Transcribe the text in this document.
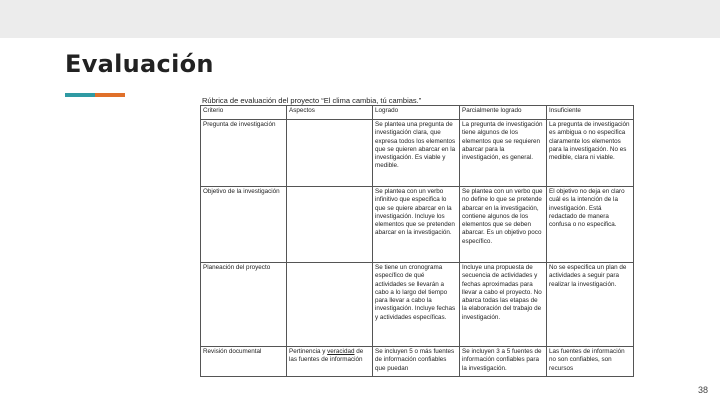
Evaluación
Rúbrica de evaluación del proyecto “El clima cambia, tú cambias.”
Criterio	Aspectos	Logrado	Parcialmente logrado	Insuficiente
Pregunta de investigación		Se plantea una pregunta de investigación clara, que expresa todos los elementos que se quieren abarcar en la investigación. Es viable y medible.	La pregunta de investigación tiene algunos de los elementos que se requieren abarcar para la investigación, es general.	La pregunta de investigación es ambigua o no especifica claramente los elementos para la investigación. No es medible, clara ni viable.
Objetivo de la investigación		Se plantea con un verbo infinitivo que especifica lo que se quiere abarcar en la investigación. Incluye los elementos que se pretenden abarcar en la investigación.	Se plantea con un verbo que no define lo que se pretende abarcar en la investigación, contiene algunos de los elementos que se deben abarcar. Es un objetivo poco específico.	El objetivo no deja en claro cuál es la intención de la investigación. Está redactado de manera confusa o no especifica.
Planeación del proyecto		Se tiene un cronograma específico de qué actividades se llevarán a cabo a lo largo del tiempo para llevar a cabo la investigación. Incluye fechas y actividades específicas.	Incluye una propuesta de secuencia de actividades y fechas aproximadas para llevar a cabo el proyecto. No abarca todas las etapas de la elaboración del trabajo de investigación.	No se especifica un plan de actividades a seguir para realizar la investigación.
Revisión documental	Pertinencia y veracidad de las fuentes de información	Se incluyen 5 o más fuentes de información confiables que puedan	Se incluyen 3 a 5 fuentes de información confiables para la investigación.	Las fuentes de información no son confiables, son recursos
38
